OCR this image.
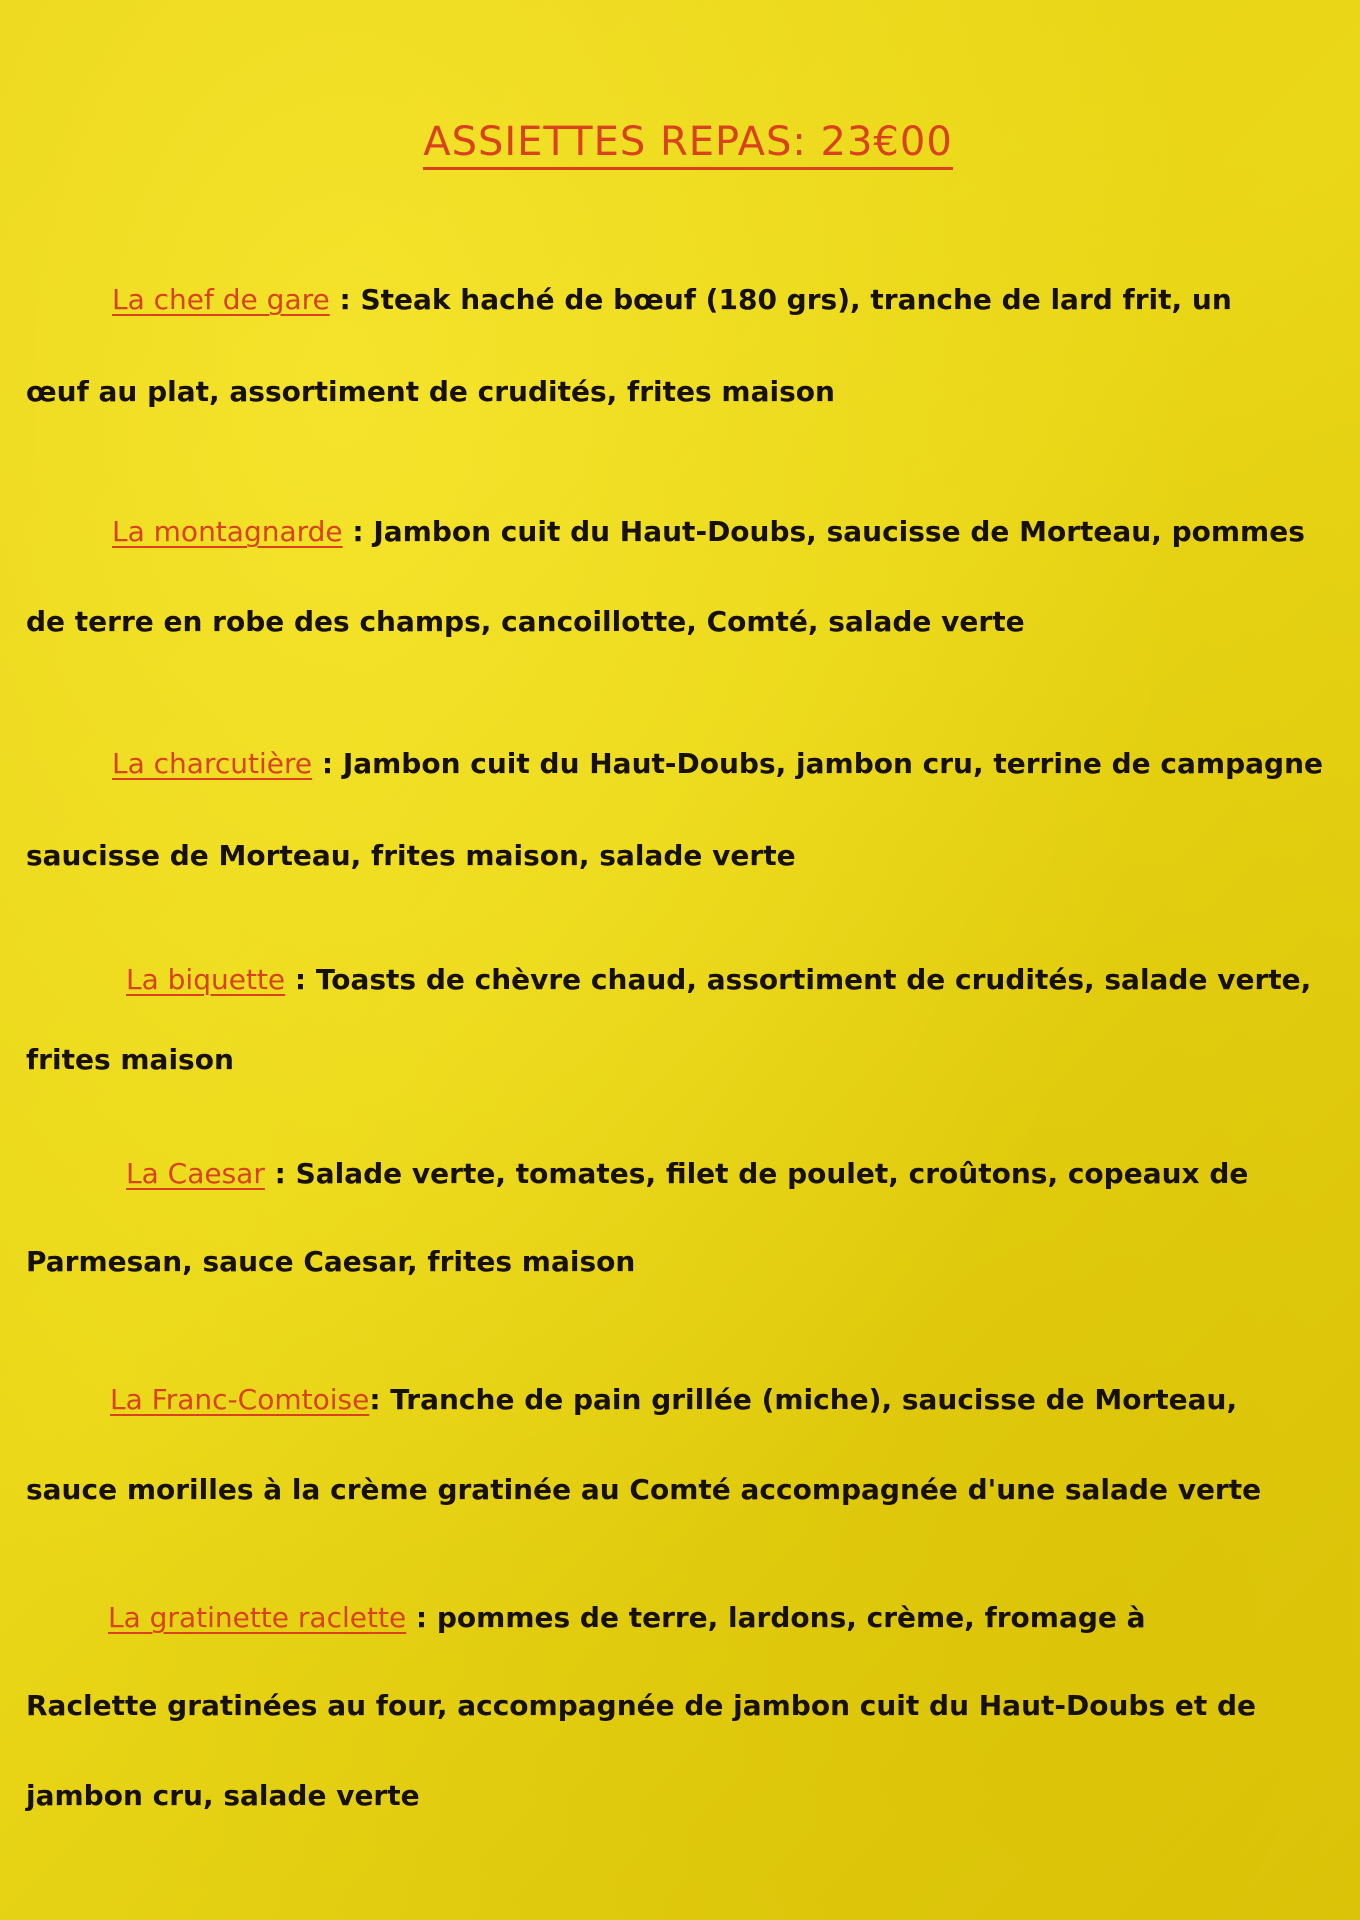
ASSIETTES REPAS: 23€00
La chef de gare : Steak haché de bœuf (180 grs), tranche de lard frit, un
œuf au plat, assortiment de crudités, frites maison
La montagnarde : Jambon cuit du Haut-Doubs, saucisse de Morteau, pommes
de terre en robe des champs, cancoillotte, Comté, salade verte
La charcutière : Jambon cuit du Haut-Doubs, jambon cru, terrine de campagne
saucisse de Morteau, frites maison, salade verte
La biquette : Toasts de chèvre chaud, assortiment de crudités, salade verte,
frites maison
La Caesar : Salade verte, tomates, filet de poulet, croûtons, copeaux de
Parmesan, sauce Caesar, frites maison
La Franc-Comtoise: Tranche de pain grillée (miche), saucisse de Morteau,
sauce morilles à la crème gratinée au Comté accompagnée d'une salade verte
La gratinette raclette : pommes de terre, lardons, crème, fromage à
Raclette gratinées au four, accompagnée de jambon cuit du Haut-Doubs et de
jambon cru, salade verte
